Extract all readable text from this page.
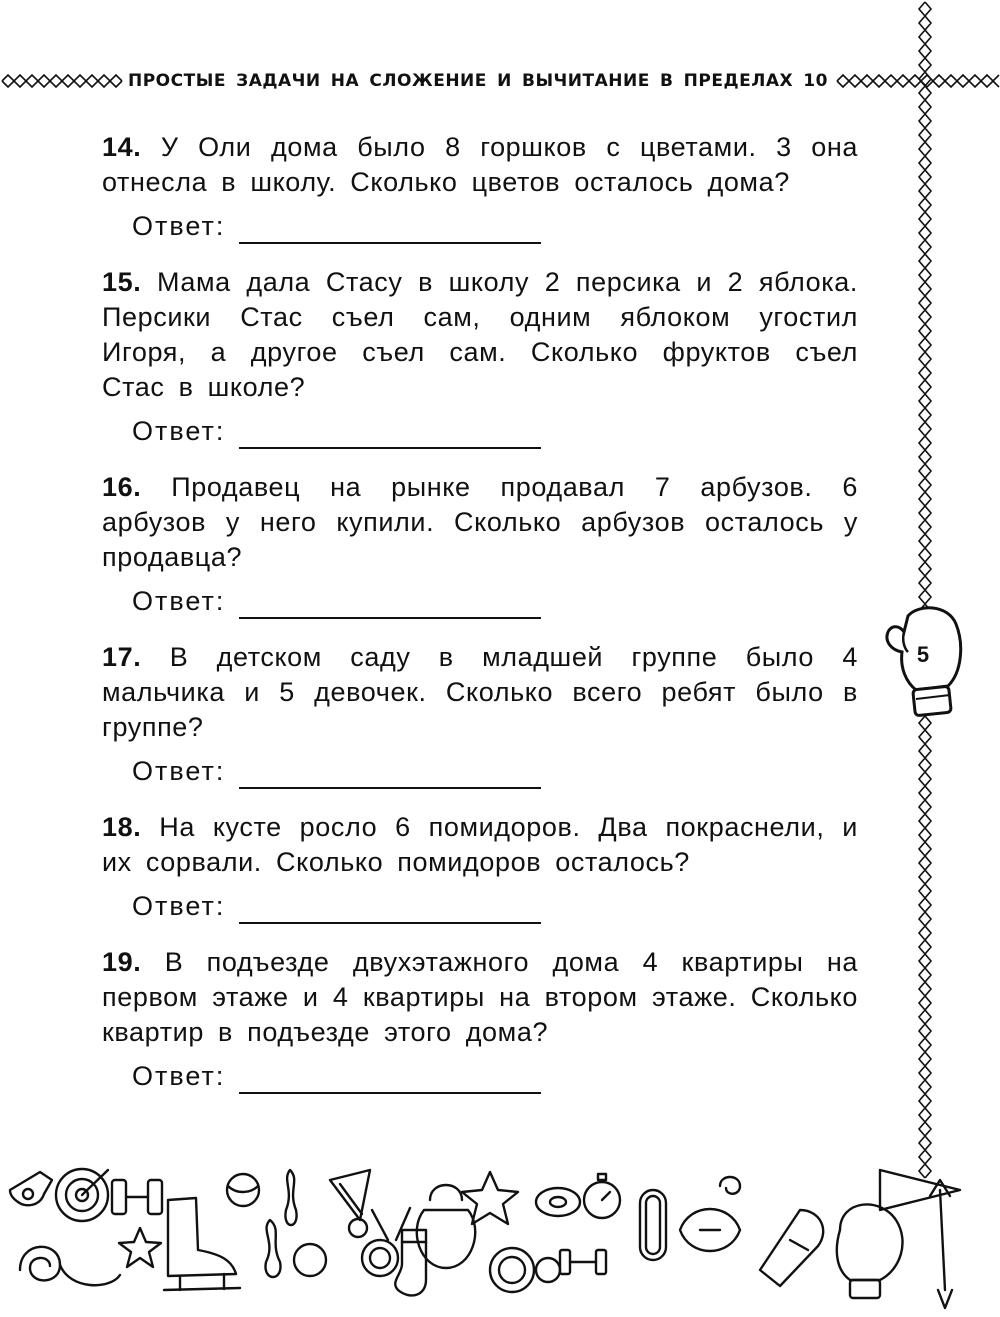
ПРОСТЫЕ ЗАДАЧИ НА СЛОЖЕНИЕ И ВЫЧИТАНИЕ В ПРЕДЕЛАХ 10

14. У Оли дома было 8 горшков с цветами. 3 она отнесла в школу. Сколько цветов осталось дома?

Ответ:

15. Мама дала Стасу в школу 2 персика и 2 яблока. Персики Стас съел сам, одним яблоком угостил Игоря, а другое съел сам. Сколько фруктов съел Стас в школе?

Ответ:

16. Продавец на рынке продавал 7 арбузов. 6 арбузов у него купили. Сколько арбузов осталось у продавца?

Ответ:

17. В детском саду в младшей группе было 4 мальчика и 5 девочек. Сколько всего ребят было в группе?

Ответ:

18. На кусте росло 6 помидоров. Два покраснели, и их сорвали. Сколько помидоров осталось?

Ответ:

19. В подъезде двухэтажного дома 4 квартиры на первом этаже и 4 квартиры на втором этаже. Сколько квартир в подъезде этого дома?

Ответ:
5
